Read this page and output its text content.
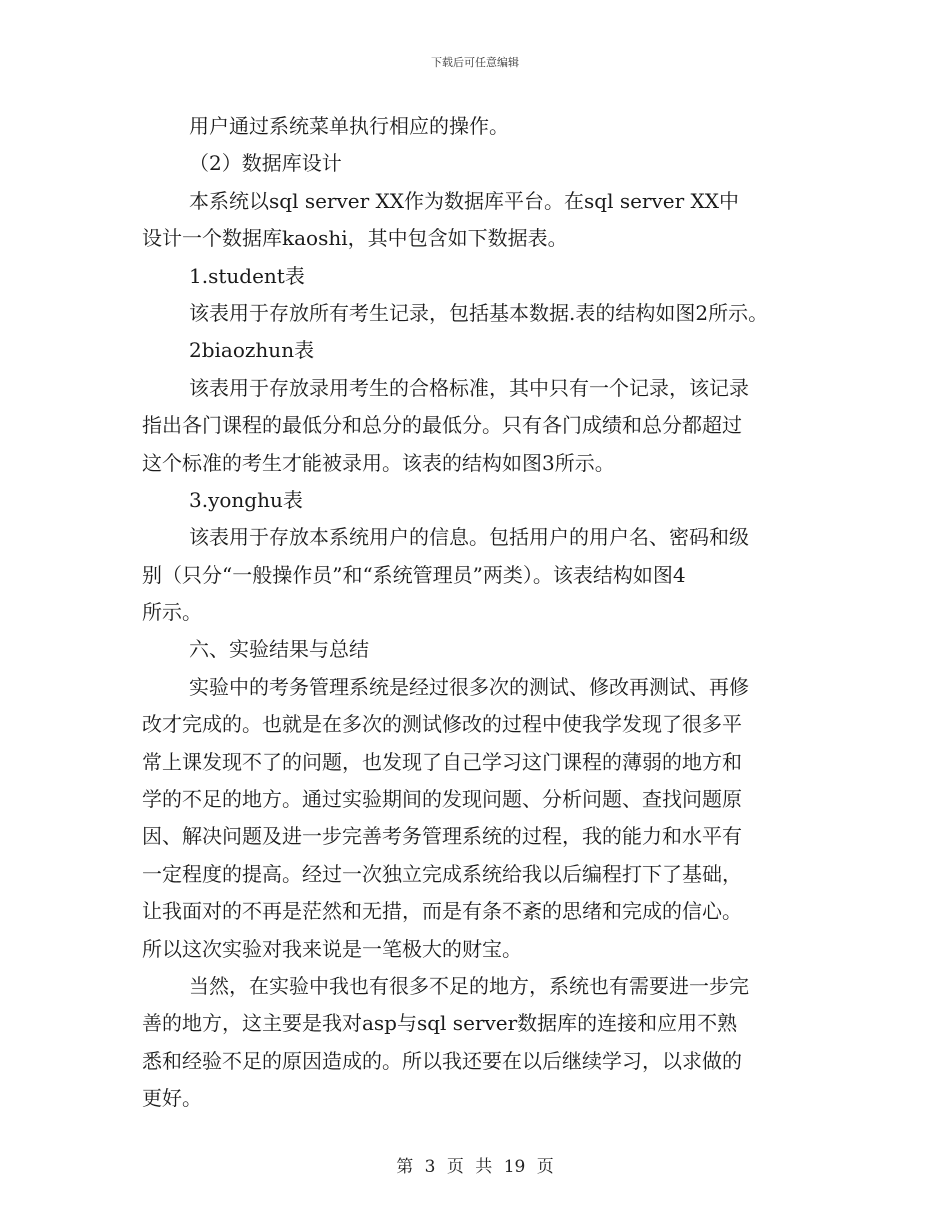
下载后可任意编辑
用户通过系统菜单执行相应的操作。
（2）数据库设计
本系统以sql server XX作为数据库平台。在sql server XX中
设计一个数据库kaoshi，其中包含如下数据表。
1.student表
该表用于存放所有考生记录，包括基本数据.表的结构如图2所示。
2biaozhun表
该表用于存放录用考生的合格标准，其中只有一个记录，该记录
指出各门课程的最低分和总分的最低分。只有各门成绩和总分都超过
这个标准的考生才能被录用。该表的结构如图3所示。
3.yonghu表
该表用于存放本系统用户的信息。包括用户的用户名、密码和级
别（只分“一般操作员”和“系统管理员”两类）。该表结构如图4
所示。
六、实验结果与总结
实验中的考务管理系统是经过很多次的测试、修改再测试、再修
改才完成的。也就是在多次的测试修改的过程中使我学发现了很多平
常上课发现不了的问题，也发现了自己学习这门课程的薄弱的地方和
学的不足的地方。通过实验期间的发现问题、分析问题、查找问题原
因、解决问题及进一步完善考务管理系统的过程，我的能力和水平有
一定程度的提高。经过一次独立完成系统给我以后编程打下了基础，
让我面对的不再是茫然和无措，而是有条不紊的思绪和完成的信心。
所以这次实验对我来说是一笔极大的财宝。
当然，在实验中我也有很多不足的地方，系统也有需要进一步完
善的地方，这主要是我对asp与sql server数据库的连接和应用不熟
悉和经验不足的原因造成的。所以我还要在以后继续学习，以求做的
更好。
第 3 页 共 19 页
